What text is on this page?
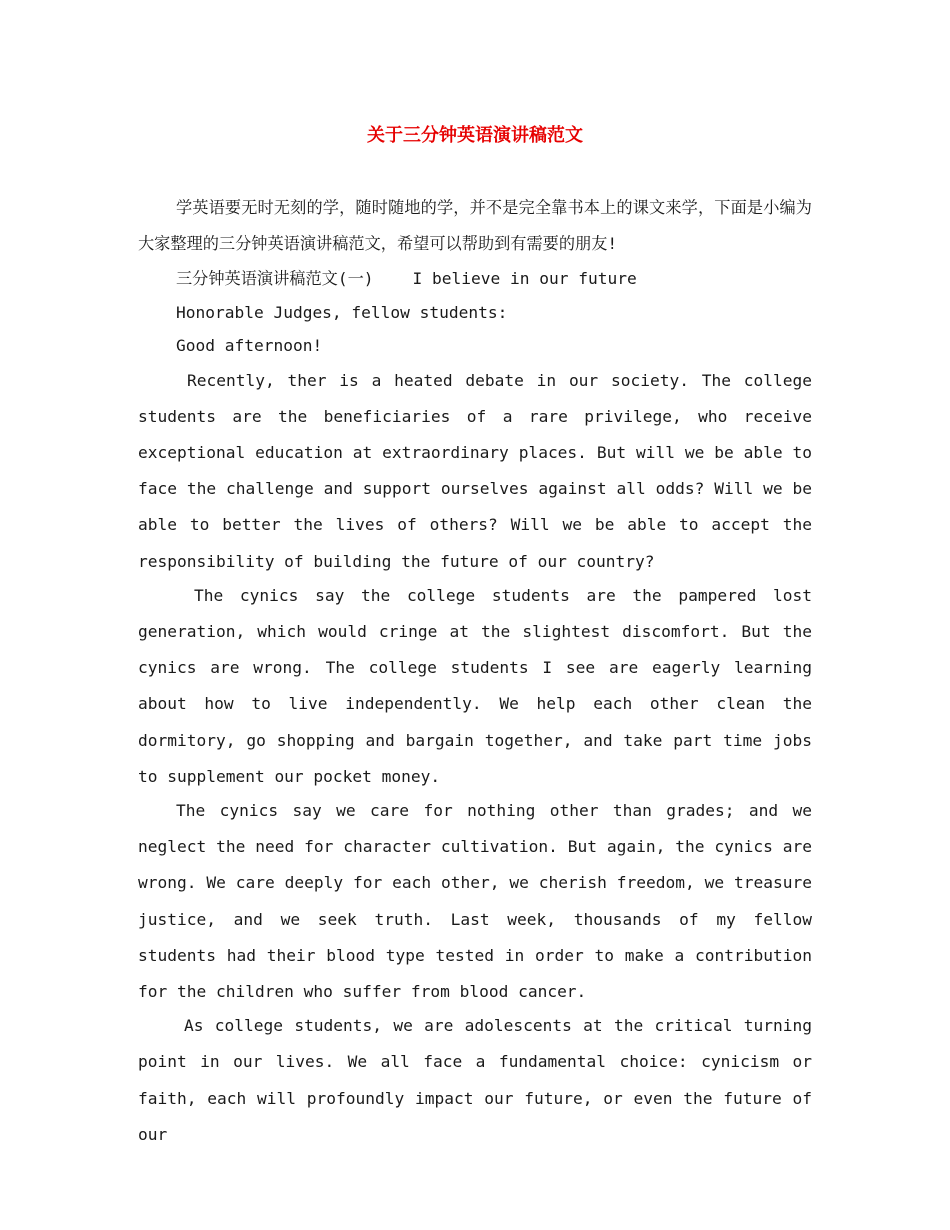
关于三分钟英语演讲稿范文

学英语要无时无刻的学，随时随地的学，并不是完全靠书本上的课文来学，下面是小编为大家整理的三分钟英语演讲稿范文，希望可以帮助到有需要的朋友!

三分钟英语演讲稿范文(一)    I believe in our future

Honorable Judges, fellow students:

Good afternoon!

Recently, ther is a heated debate in our society. The college students are the beneficiaries of a rare privilege, who receive exceptional education at extraordinary places. But will we be able to face the challenge and support ourselves against all odds? Will we be able to better the lives of others? Will we be able to accept the responsibility of building the future of our country?

The cynics say the college students are the pampered lost generation, which would cringe at the slightest discomfort. But the cynics are wrong. The college students I see are eagerly learning about how to live independently. We help each other clean the dormitory, go shopping and bargain together, and take part time jobs to supplement our pocket money.

The cynics say we care for nothing other than grades; and we neglect the need for character cultivation. But again, the cynics are wrong. We care deeply for each other, we cherish freedom, we treasure justice, and we seek truth. Last week, thousands of my fellow students had their blood type tested in order to make a contribution for the children who suffer from blood cancer.

As college students, we are adolescents at the critical turning point in our lives. We all face a fundamental choice: cynicism or faith, each will profoundly impact our future, or even the future of our
